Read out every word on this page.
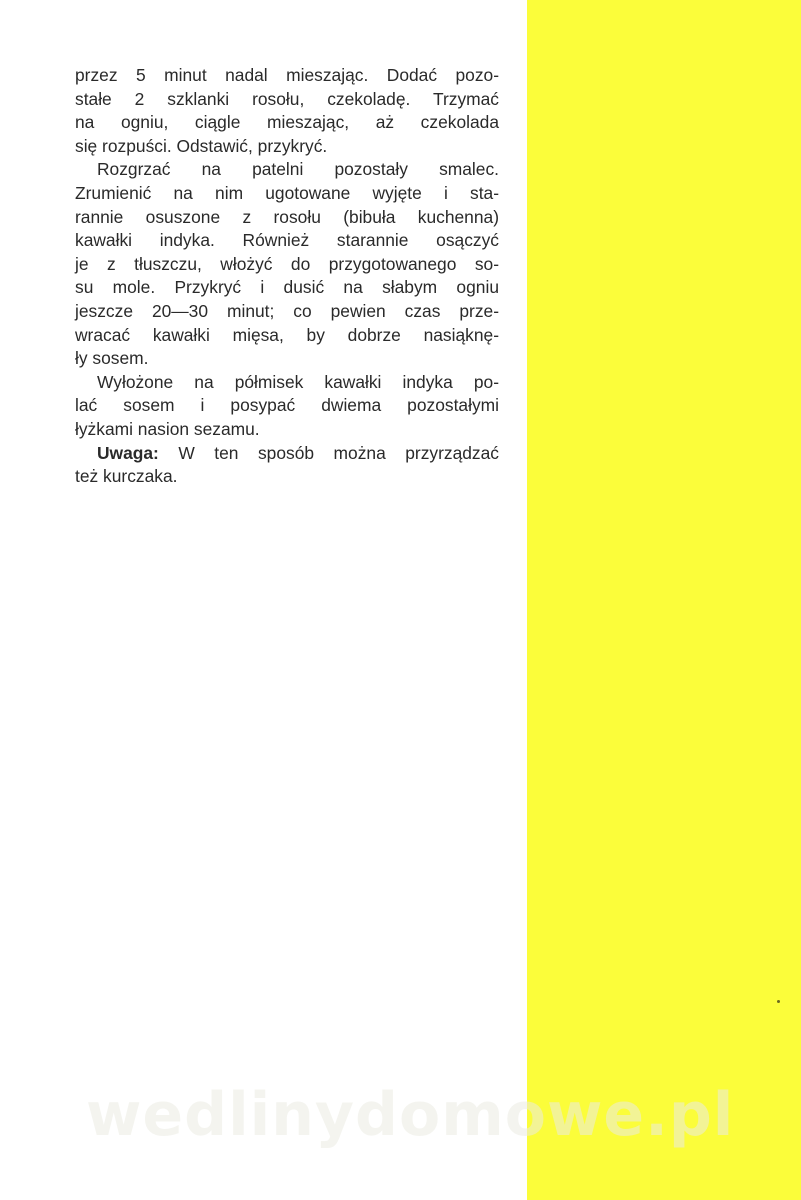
przez 5 minut nadal mieszając. Dodać pozo-
stałe 2 szklanki rosołu, czekoladę. Trzymać
na ogniu, ciągle mieszając, aż czekolada
się rozpuści. Odstawić, przykryć.

Rozgrzać na patelni pozostały smalec.
Zrumienić na nim ugotowane wyjęte i sta-
rannie osuszone z rosołu (bibuła kuchenna)
kawałki indyka. Również starannie osączyć
je z tłuszczu, włożyć do przygotowanego so-
su mole. Przykryć i dusić na słabym ogniu
jeszcze 20—30 minut; co pewien czas prze-
wracać kawałki mięsa, by dobrze nasiąknę-
ły sosem.

Wyłożone na półmisek kawałki indyka po-
lać sosem i posypać dwiema pozostałymi
łyżkami nasion sezamu.

Uwaga: W ten sposób można przyrządzać
też kurczaka.

wedlinydomowe.pl
